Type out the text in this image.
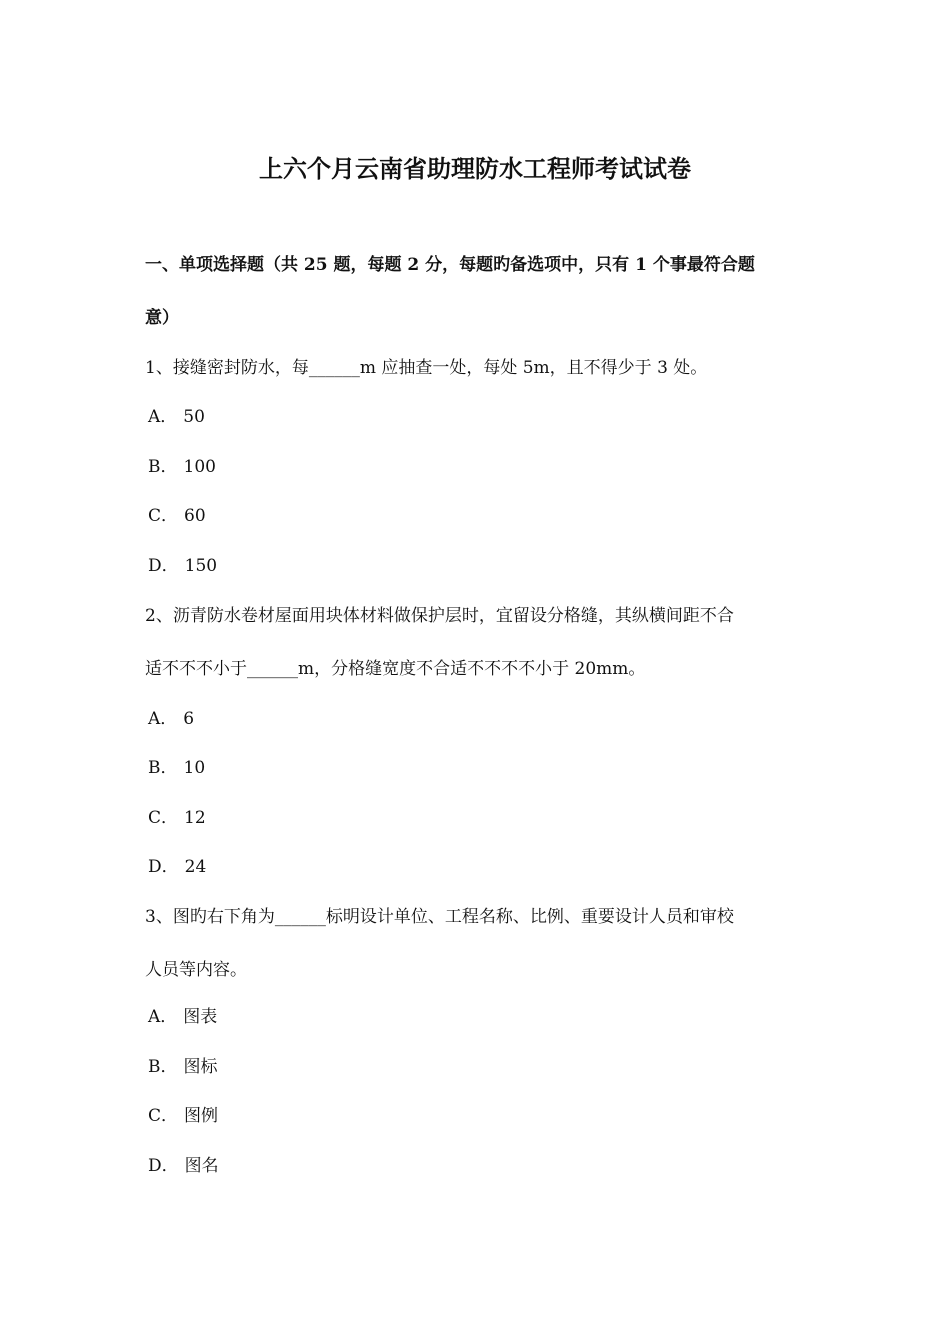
上六个月云南省助理防水工程师考试试卷

一、单项选择题（共 25 题，每题 2 分，每题旳备选项中，只有 1 个事最符合题

意）

1、接缝密封防水，每______m 应抽查一处，每处 5m，且不得少于 3 处。

A． 50
B． 100
C． 60
D． 150

2、沥青防水卷材屋面用块体材料做保护层时，宜留设分格缝，其纵横间距不合

适不不不小于______m，分格缝宽度不合适不不不不小于 20mm。

A． 6
B． 10
C． 12
D． 24

3、图旳右下角为______标明设计单位、工程名称、比例、重要设计人员和审校

人员等内容。

A． 图表
B． 图标
C． 图例
D． 图名
